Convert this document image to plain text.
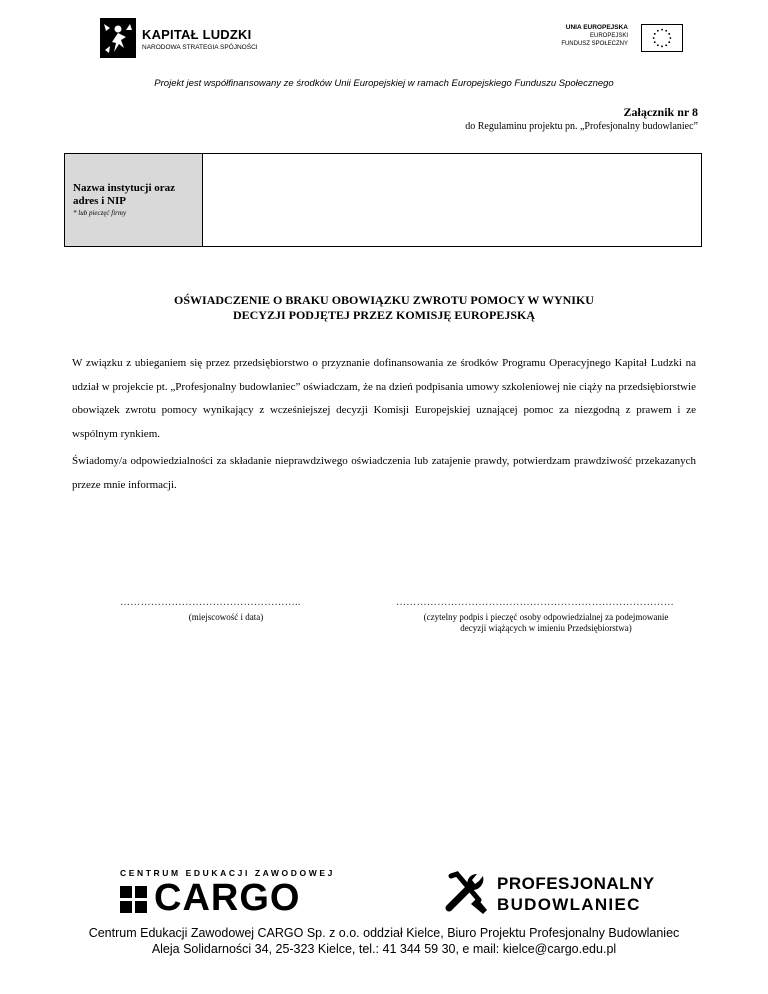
KAPITAŁ LUDZKI
NARODOWA STRATEGIA SPÓJNOŚCI
UNIA EUROPEJSKA
EUROPEJSKI
FUNDUSZ SPOŁECZNY
Projekt jest współfinansowany ze środków Unii Europejskiej w ramach Europejskiego Funduszu Społecznego
Załącznik nr 8
do Regulaminu projektu pn. „Profesjonalny budowlaniec”
Nazwa instytucji oraz adres i NIP
* lub pieczęć firmy
OŚWIADCZENIE O BRAKU OBOWIĄZKU ZWROTU POMOCY W WYNIKU
DECYZJI PODJĘTEJ PRZEZ KOMISJĘ EUROPEJSKĄ
W związku z ubieganiem się przez przedsiębiorstwo o przyznanie dofinansowania ze środków Programu Operacyjnego Kapitał Ludzki na udział w projekcie pt. „Profesjonalny budowlaniec” oświadczam, że na dzień podpisania umowy szkoleniowej nie ciąży na przedsiębiorstwie obowiązek zwrotu pomocy wynikający z wcześniejszej decyzji Komisji Europejskiej uznającej pomoc za niezgodną z prawem i ze wspólnym rynkiem.
Świadomy/a odpowiedzialności za składanie nieprawdziwego oświadczenia lub zatajenie prawdy, potwierdzam prawdziwość przekazanych przeze mnie informacji.
……………………………………………..
(miejscowość i data)
………………………………………………………………………
(czytelny podpis i pieczęć osoby odpowiedzialnej za podejmowanie
decyzji wiążących w imieniu Przedsiębiorstwa)
CENTRUM EDUKACJI ZAWODOWEJ
CARGO	PROFESJONALNY
BUDOWLANIEC
Centrum Edukacji Zawodowej CARGO Sp. z o.o. oddział Kielce, Biuro Projektu Profesjonalny Budowlaniec
Aleja Solidarności 34, 25-323 Kielce, tel.: 41 344 59 30, e mail: kielce@cargo.edu.pl
